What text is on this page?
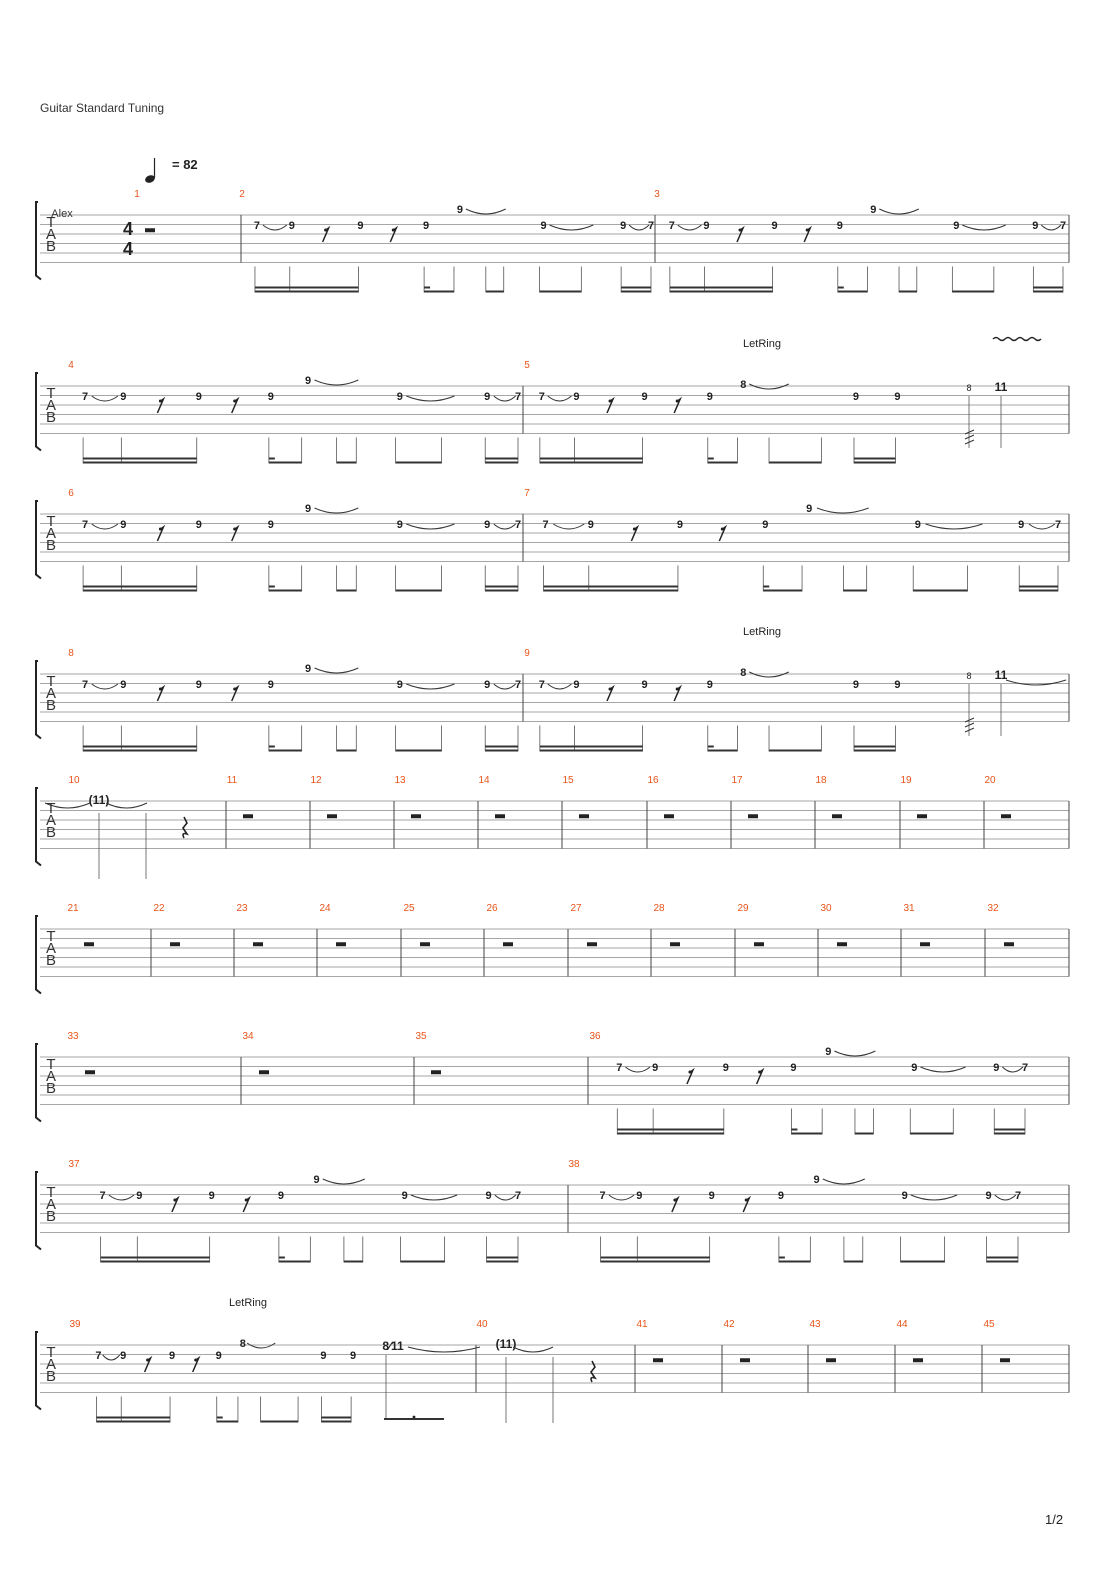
Guitar Standard Tuning
T
A
B
= 82
Alex
4
4
1	2
7	9	9	9
9
9	9 7
3
7	9	9	9
9
9	9 7
T
A
B
4
7	9	9	9
9
9	9 7
5
7	9	9	9
8
9	9
LetRing
8 11
T
A
B
6
7	9	9	9
9
9	9 7
7
7	9	9	9
9
9	9	7
T
A
B
8
7	9	9	9
9
9	9 7
9
7	9	9	9
8
9	9
LetRing
8 11
T
A
B
10
(11)
11	12	13	14	15	16	17	18	19	20
T
A
B
21	22	23	24	25	26	27	28	29	30	31	32
T
A
B
33	34	35	36
7	9	9	9
9
9	9 7
T
A
B
37
7	9	9	9
9
9	9 7
38
7	9	9	9
9
9	9 7
T
A
B
LetRing
39
7 9	9	9
8
9 9
8∕11
40
(11)
41	42	43	44	45
1/2
